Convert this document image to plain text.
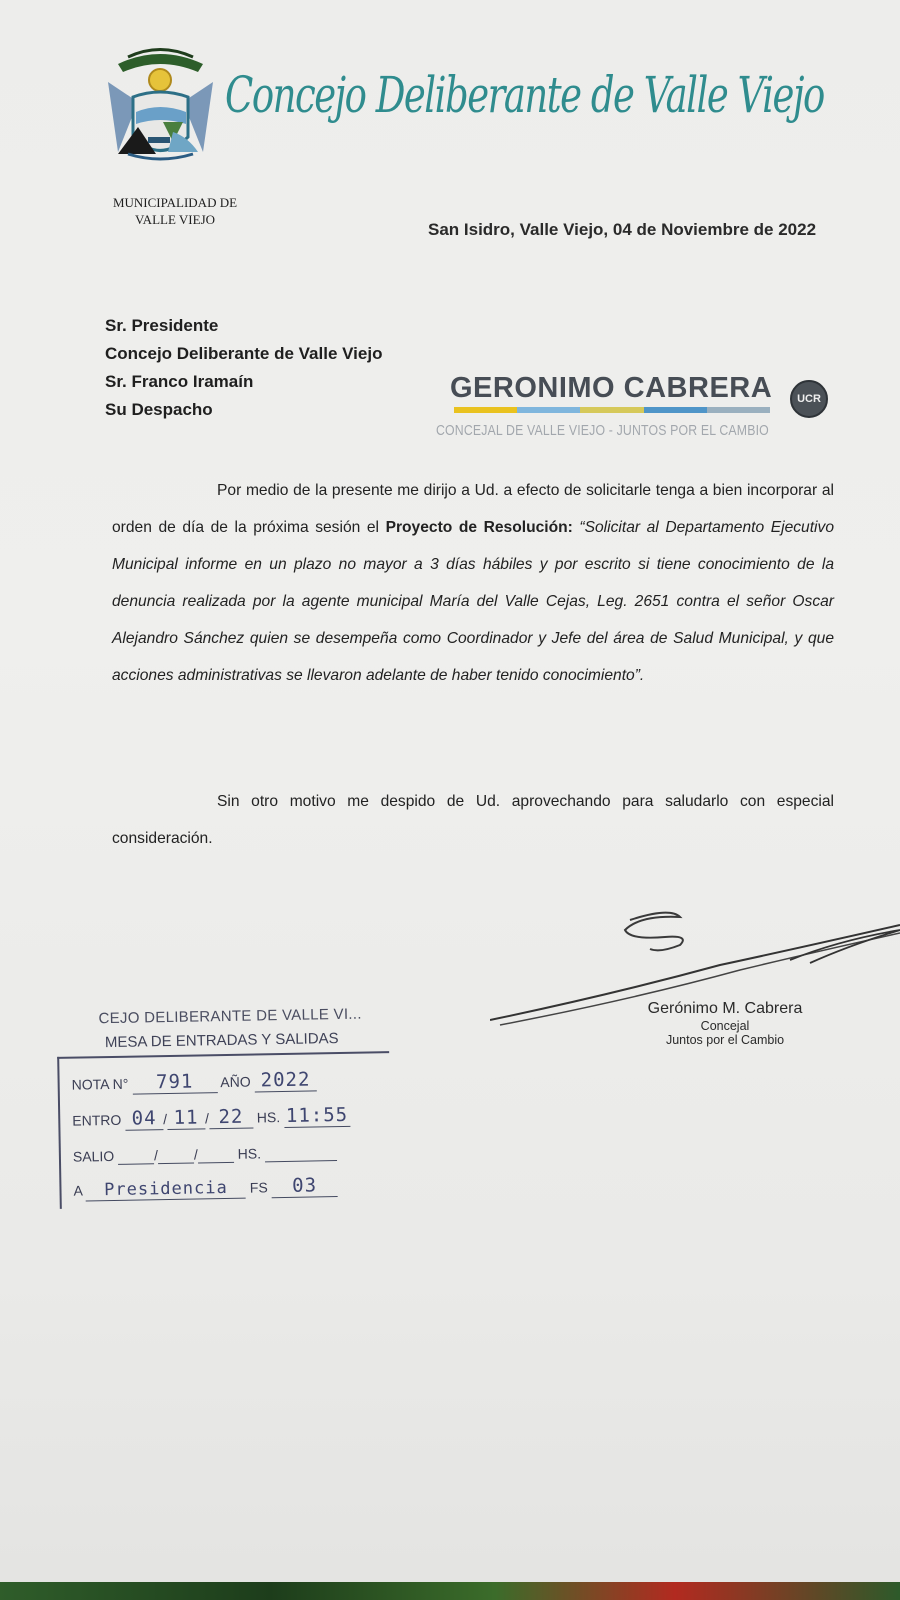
Concejo Deliberante de Valle Viejo
MUNICIPALIDAD DE
VALLE VIEJO
San Isidro, Valle Viejo, 04 de Noviembre de 2022
Sr. Presidente
Concejo Deliberante de Valle Viejo
Sr. Franco Iramaín
Su Despacho
GERONIMO CABRERA	UCR
CONCEJAL DE VALLE VIEJO - JUNTOS POR EL CAMBIO
Por medio de la presente me dirijo a Ud. a efecto de solicitarle tenga a bien incorporar al orden de día de la próxima sesión el Proyecto de Resolución: “Solicitar al Departamento Ejecutivo Municipal informe en un plazo no mayor a 3 días hábiles y por escrito si tiene conocimiento de la denuncia realizada por la agente municipal María del Valle Cejas, Leg. 2651 contra el señor Oscar Alejandro Sánchez quien se desempeña como Coordinador y Jefe del área de Salud Municipal, y que acciones administrativas se llevaron adelante de haber tenido conocimiento”.
Sin otro motivo me despido de Ud. aprovechando para saludarlo con especial consideración.
Gerónimo M. Cabrera
Concejal
Juntos por el Cambio
CEJO DELIBERANTE DE VALLE VI...
MESA DE ENTRADAS Y SALIDAS
NOTA N° 791 AÑO 2022
ENTRO 04 / 11 / 22 HS. 11:55
SALIO	/	/	HS.
A Presidencia FS 03
